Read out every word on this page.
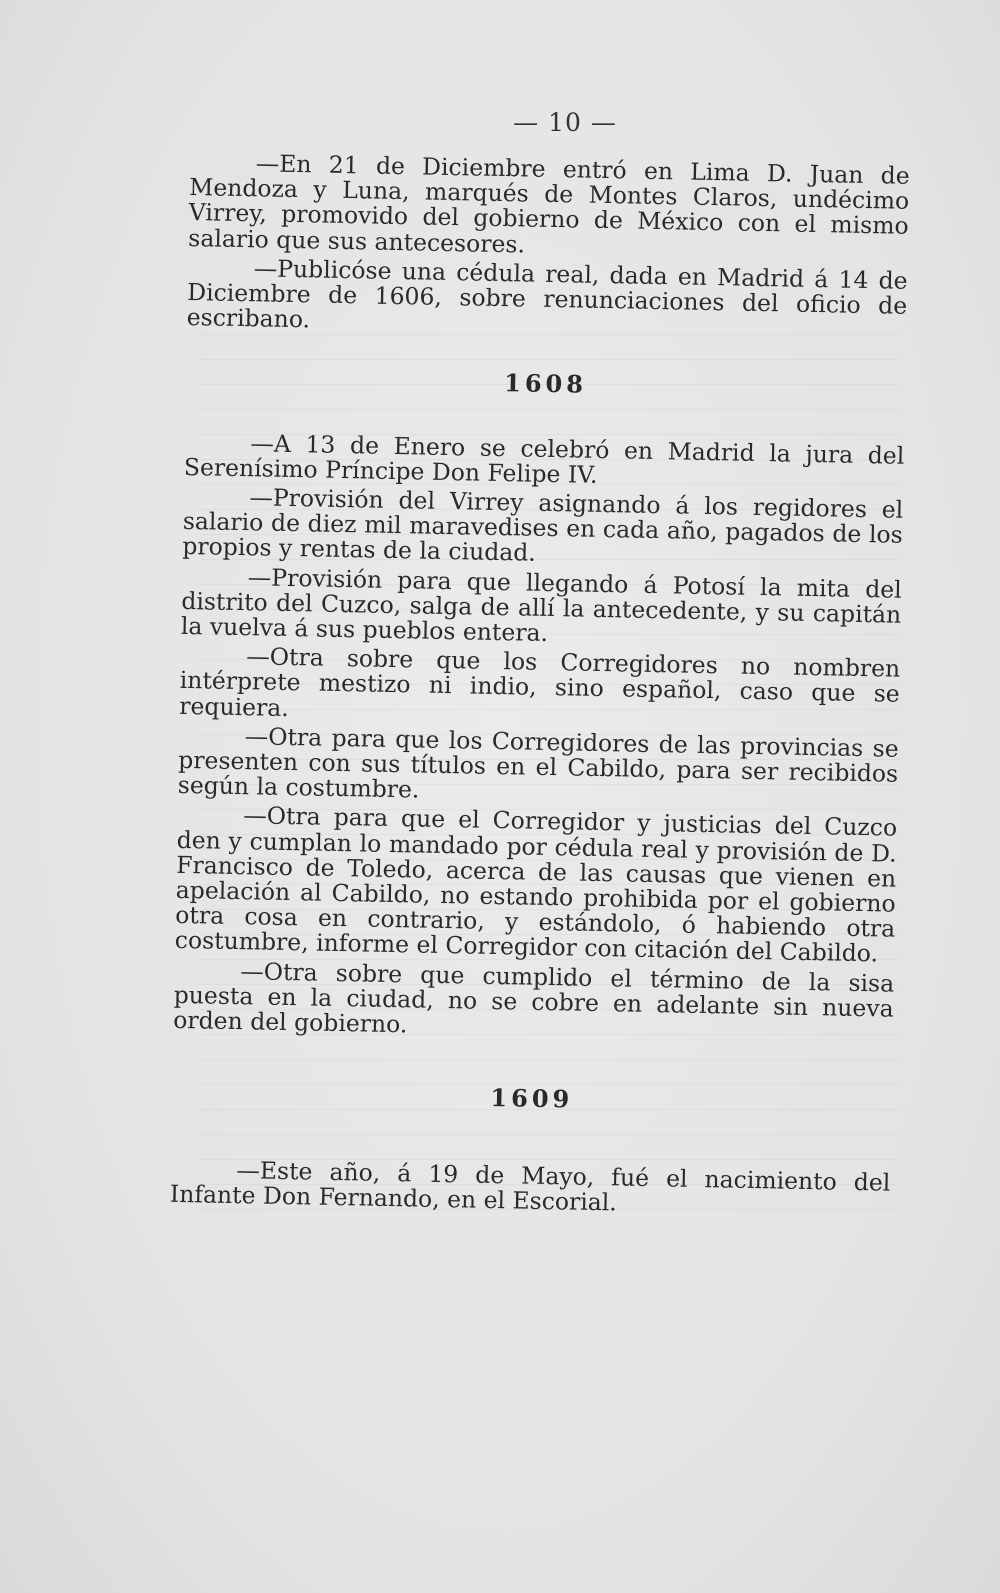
— 10 —

—En 21 de Diciembre entró en Lima D. Juan de Mendoza y Luna, marqués de Montes Claros, undécimo Virrey, promovido del gobierno de México con el mismo salario que sus antecesores.

—Publicóse una cédula real, dada en Madrid á 14 de Diciembre de 1606, sobre renunciaciones del oficio de escribano.

1608

—A 13 de Enero se celebró en Madrid la jura del Serenísimo Príncipe Don Felipe IV.

—Provisión del Virrey asignando á los regidores el salario de diez mil maravedises en cada año, pagados de los propios y rentas de la ciudad.

—Provisión para que llegando á Potosí la mita del distrito del Cuzco, salga de allí la antecedente, y su capitán la vuelva á sus pueblos entera.

—Otra sobre que los Corregidores no nombren intérprete mestizo ni indio, sino español, caso que se requiera.

—Otra para que los Corregidores de las provincias se presenten con sus títulos en el Cabildo, para ser recibidos según la costumbre.

—Otra para que el Corregidor y justicias del Cuzco den y cumplan lo mandado por cédula real y provisión de D. Francisco de Toledo, acerca de las causas que vienen en apelación al Cabildo, no estando prohibida por el gobierno otra cosa en contrario, y estándolo, ó habiendo otra costumbre, informe el Corregidor con citación del Cabildo.

—Otra sobre que cumplido el término de la sisa puesta en la ciudad, no se cobre en adelante sin nueva orden del gobierno.

1609

—Este año, á 19 de Mayo, fué el nacimiento del Infante Don Fernando, en el Escorial.
